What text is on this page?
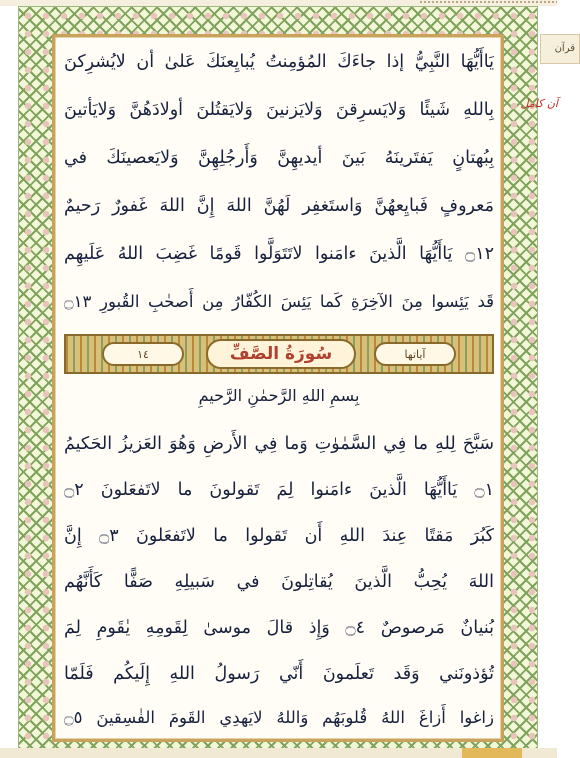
يَاأَيُّهَا النَّبِيُّ إذا جاءَكَ المُؤمِنتُ يُبايِعنَكَ عَلىٰ أن لايُشرِكنَ
بِاللهِ شَيئًا وَلايَسرِقنَ وَلايَزنينَ وَلايَقتُلنَ أولادَهُنَّ وَلايَأتينَ
بِبُهتانٍ يَفتَرينَهُ بَينَ أيديهِنَّ وَأَرجُلِهِنَّ وَلايَعصينَكَ في
مَعروفٍ فَبايِعهُنَّ وَاستَغفِر لَهُنَّ اللهَ إِنَّ اللهَ غَفورٌ رَحيمٌ
۝١٢ يَاأَيُّهَا الَّذينَ ءامَنوا لاتَتَوَلَّوا قَومًا غَضِبَ اللهُ عَلَيهِم
قَد يَئِسوا مِنَ الآخِرَةِ كَما يَئِسَ الكُفّارُ مِن أَصحٰبِ القُبورِ ۝١٣
١٤	سُورَةُ الصَّفِّ	آیاتها
بِسمِ اللهِ الرَّحمٰنِ الرَّحيمِ
سَبَّحَ لِلهِ ما فِي السَّمٰوٰتِ وَما فِي الأَرضِ وَهُوَ العَزيزُ الحَكيمُ
۝١ يَاأَيُّهَا الَّذينَ ءامَنوا لِمَ تَقولونَ ما لاتَفعَلونَ ۝٢
كَبُرَ مَقتًا عِندَ اللهِ أَن تَقولوا ما لاتَفعَلونَ ۝٣ إِنَّ
اللهَ يُحِبُّ الَّذينَ يُقاتِلونَ في سَبيلِهِ صَفًّا كَأَنَّهُم
بُنيانٌ مَرصوصٌ ۝٤ وَإِذ قالَ موسىٰ لِقَومِهِ يٰقَومِ لِمَ
تُؤذونَني وَقَد تَعلَمونَ أَنّي رَسولُ اللهِ إِلَيكُم فَلَمّا
زاغوا أَزاغَ اللهُ قُلوبَهُم وَاللهُ لايَهدِي القَومَ الفٰسِقينَ ۝٥
قرآن
آن کامل
